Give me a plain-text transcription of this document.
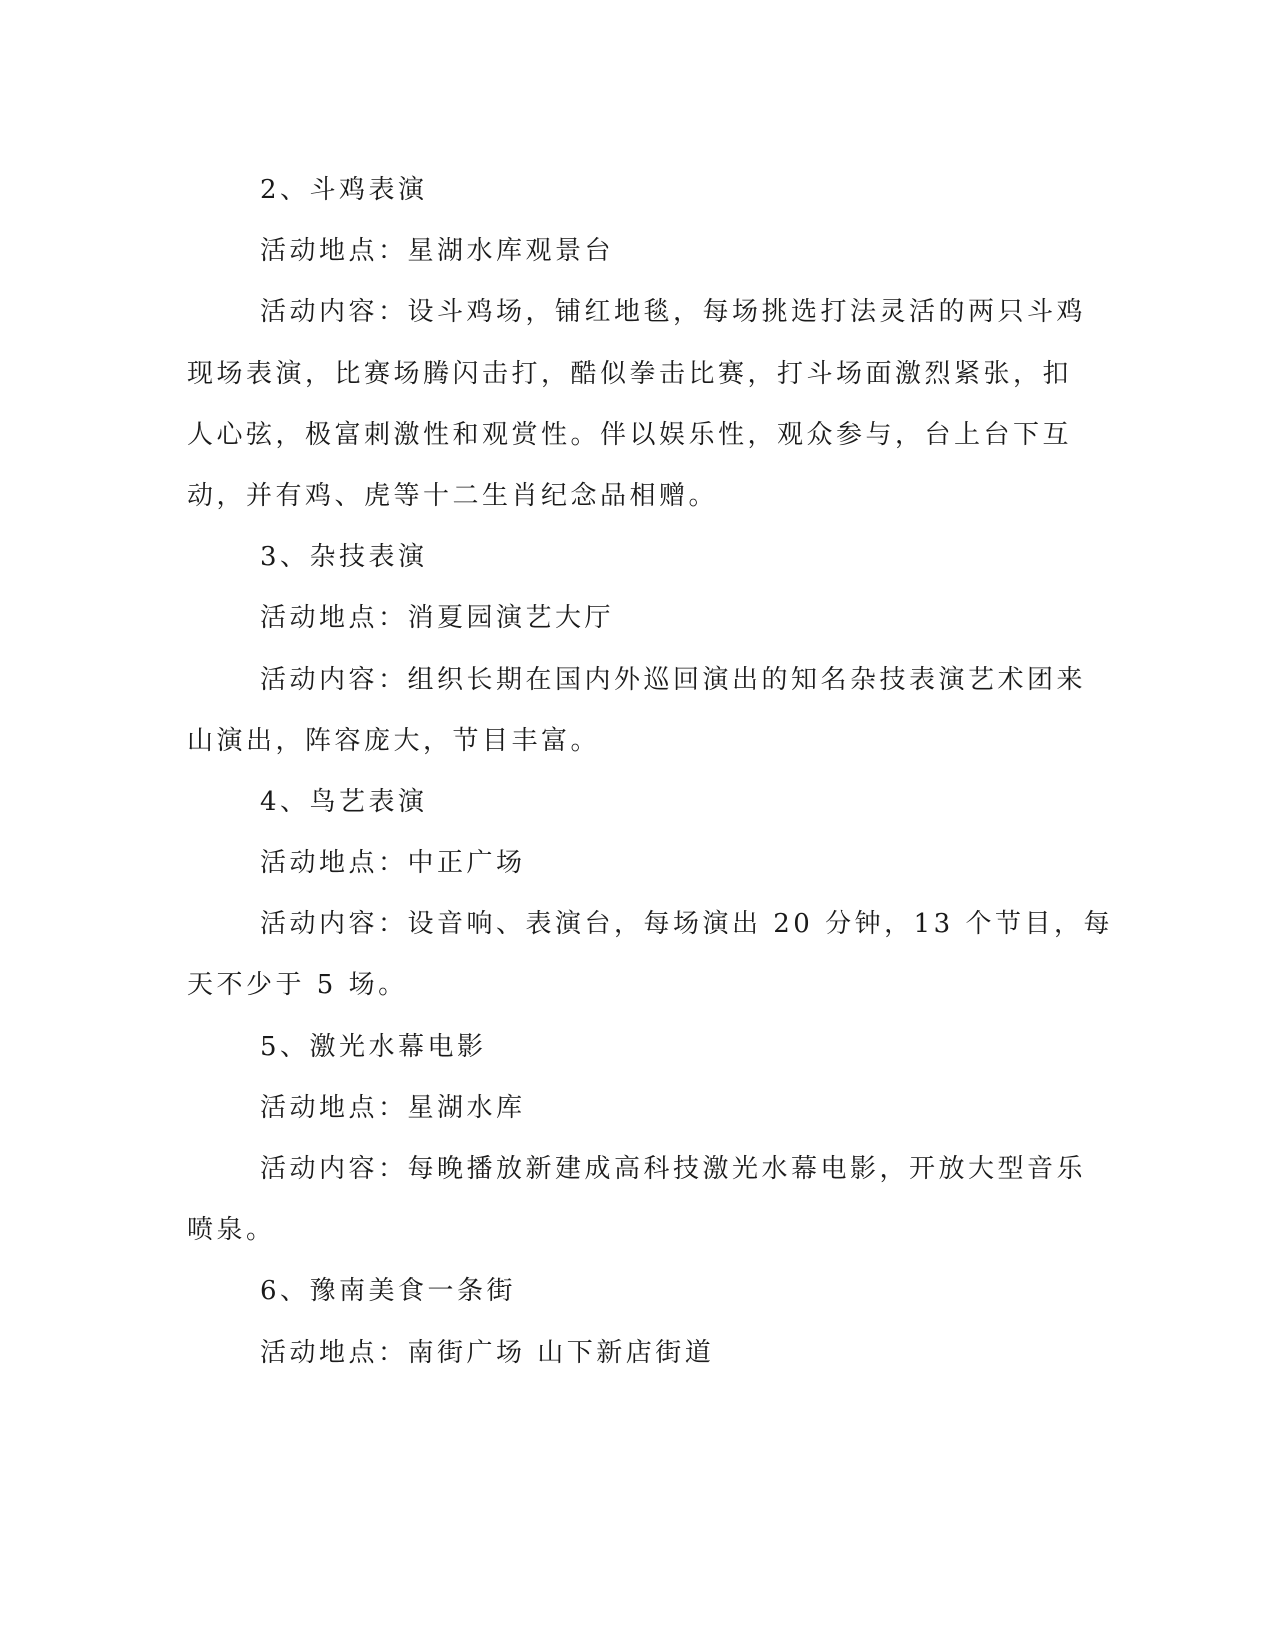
2、斗鸡表演
活动地点：星湖水库观景台
活动内容：设斗鸡场，铺红地毯，每场挑选打法灵活的两只斗鸡
现场表演，比赛场腾闪击打，酷似拳击比赛，打斗场面激烈紧张，扣
人心弦，极富刺激性和观赏性。伴以娱乐性，观众参与，台上台下互
动，并有鸡、虎等十二生肖纪念品相赠。
3、杂技表演
活动地点：消夏园演艺大厅
活动内容：组织长期在国内外巡回演出的知名杂技表演艺术团来
山演出，阵容庞大，节目丰富。
4、鸟艺表演
活动地点：中正广场
活动内容：设音响、表演台，每场演出 20 分钟，13 个节目，每
天不少于 5 场。
5、激光水幕电影
活动地点：星湖水库
活动内容：每晚播放新建成高科技激光水幕电影，开放大型音乐
喷泉。
6、豫南美食一条街
活动地点：南街广场 山下新店街道
